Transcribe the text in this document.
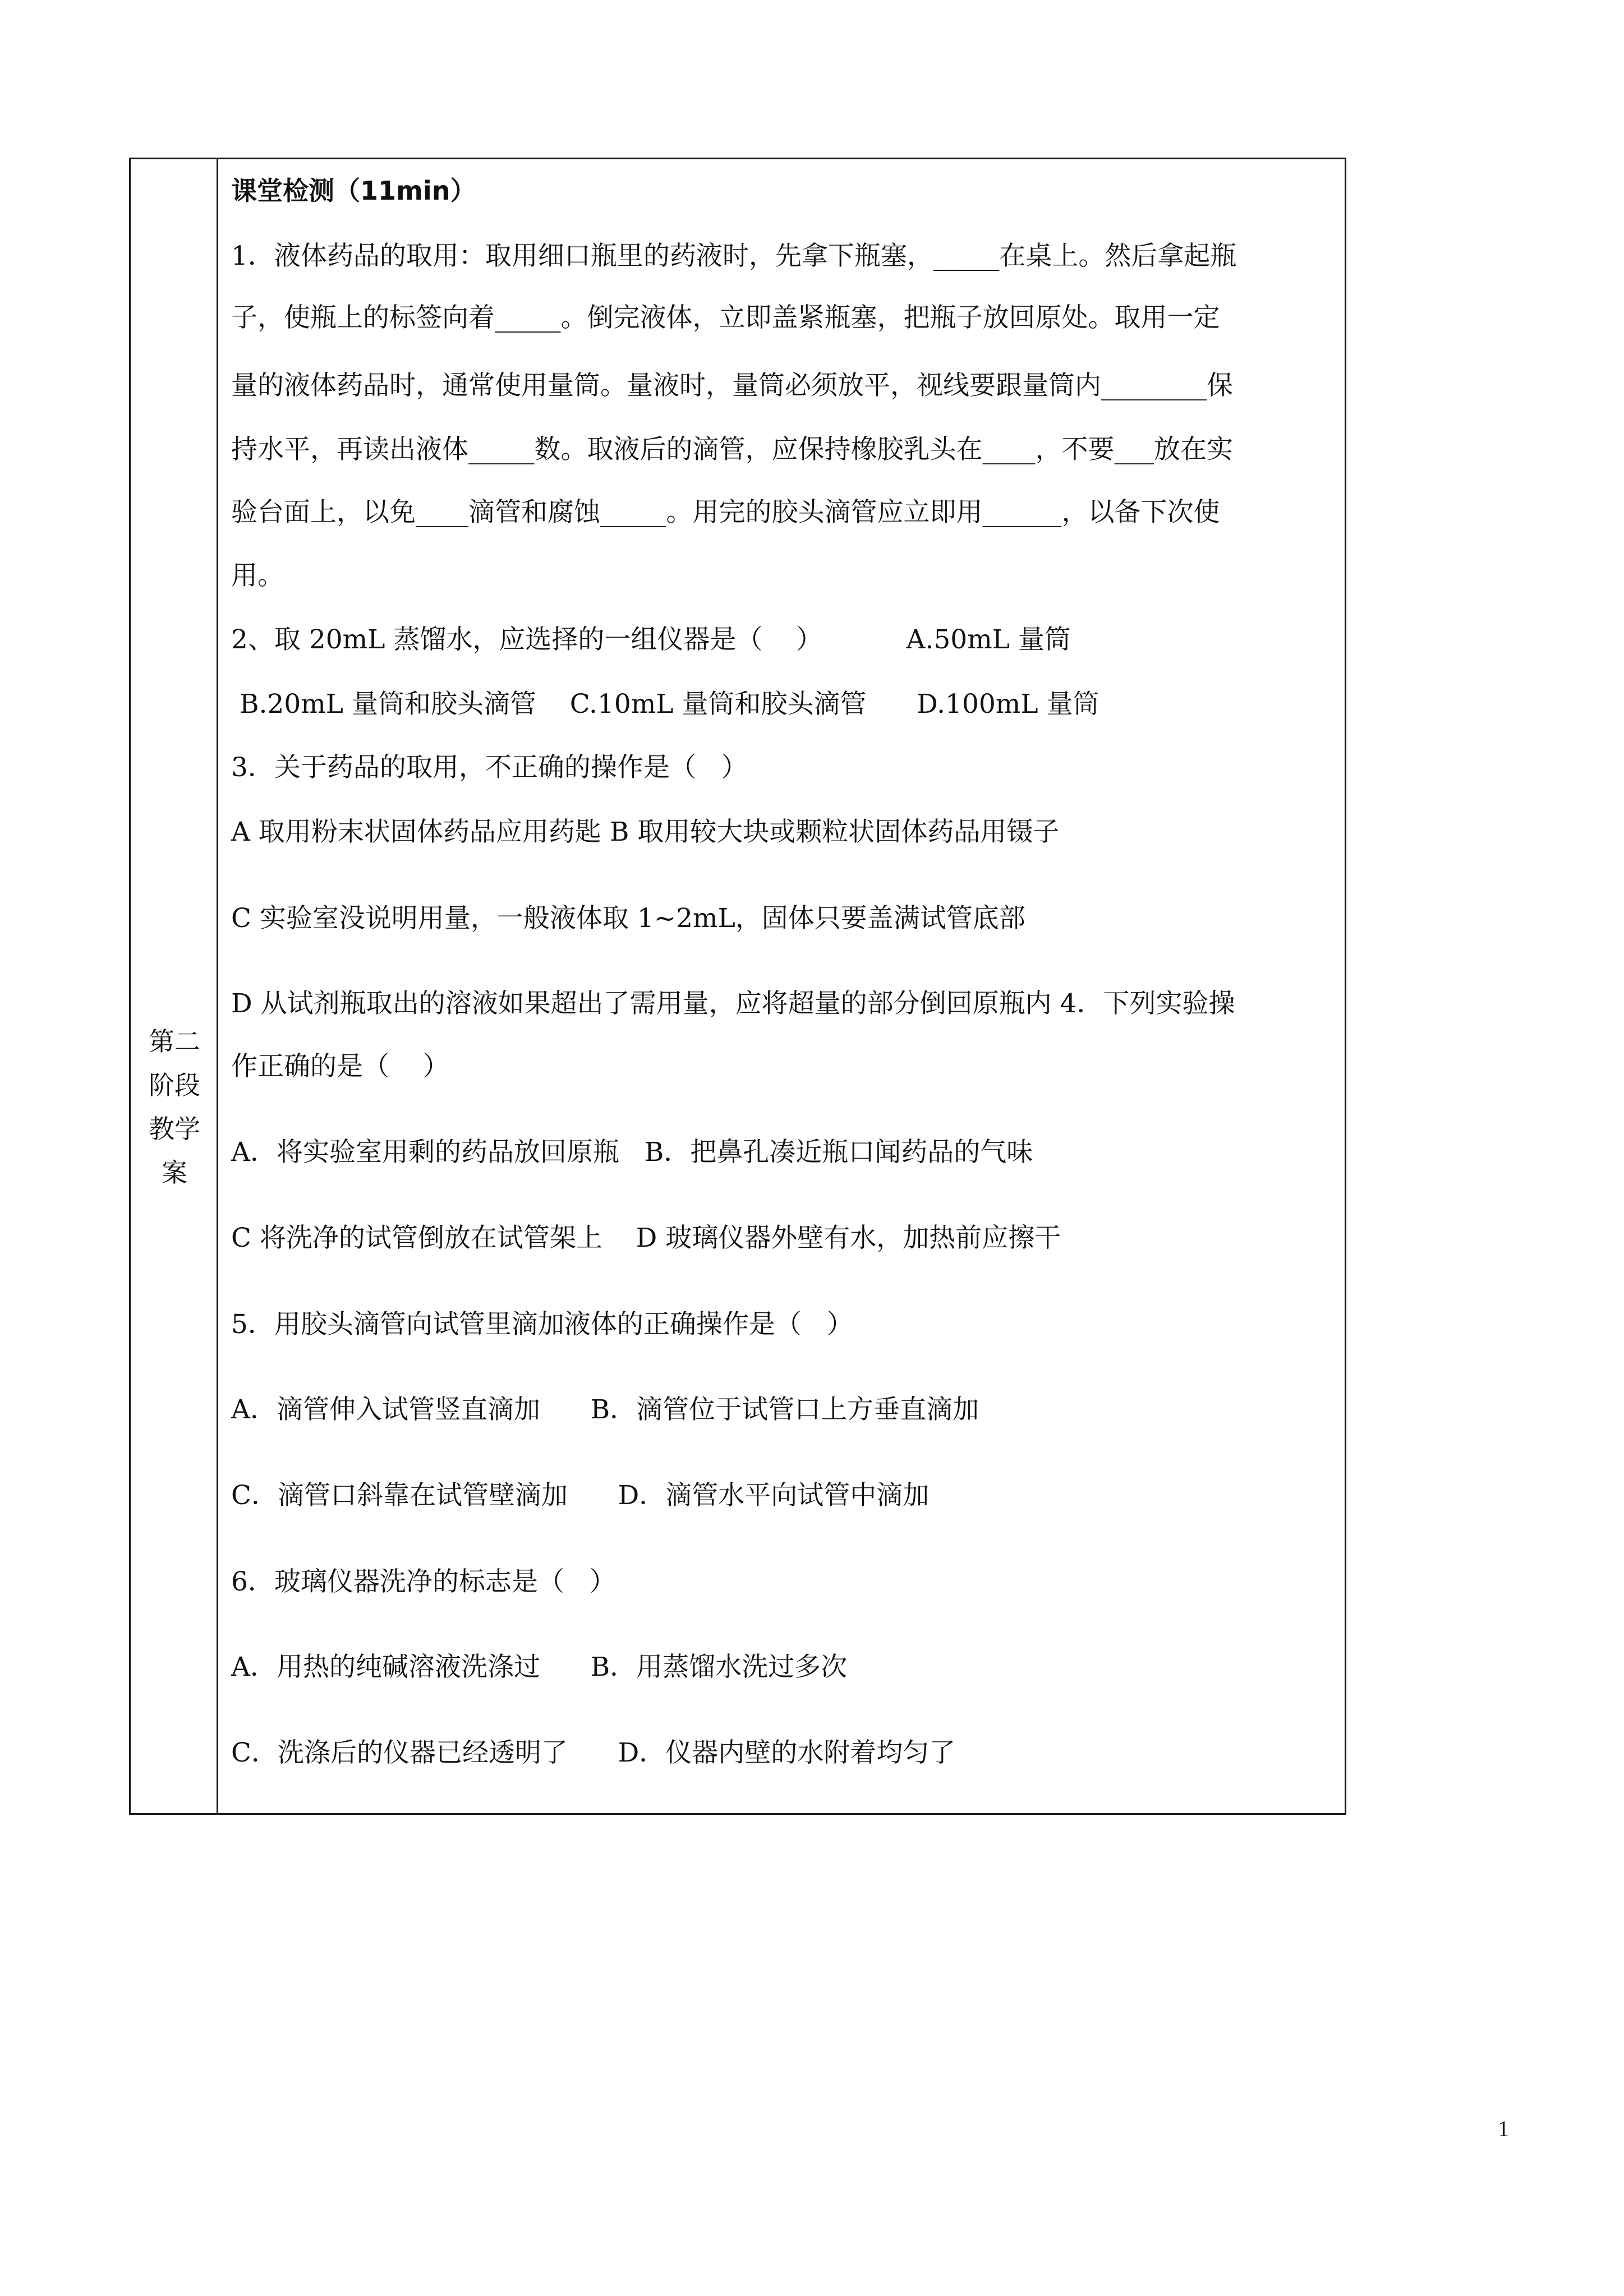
第二
阶段
教学
案
课堂检测（11min）
1．液体药品的取用：取用细口瓶里的药液时，先拿下瓶塞，_____在桌上。然后拿起瓶
子，使瓶上的标签向着_____。倒完液体，立即盖紧瓶塞，把瓶子放回原处。取用一定
量的液体药品时，通常使用量筒。量液时，量筒必须放平，视线要跟量筒内________保
持水平，再读出液体_____数。取液后的滴管，应保持橡胶乳头在____，不要___放在实
验台面上，以免____滴管和腐蚀_____。用完的胶头滴管应立即用______，以备下次使
用。
2、取 20mL 蒸馏水，应选择的一组仪器是（    ）          A.50mL 量筒
B.20mL 量筒和胶头滴管    C.10mL 量筒和胶头滴管      D.100mL 量筒
3．关于药品的取用，不正确的操作是（   ）
A 取用粉末状固体药品应用药匙 B 取用较大块或颗粒状固体药品用镊子
C 实验室没说明用量，一般液体取 1~2mL，固体只要盖满试管底部
D 从试剂瓶取出的溶液如果超出了需用量，应将超量的部分倒回原瓶内 4．下列实验操
作正确的是（    ）
A．将实验室用剩的药品放回原瓶   B．把鼻孔凑近瓶口闻药品的气味
C 将洗净的试管倒放在试管架上    D 玻璃仪器外壁有水，加热前应擦干
5．用胶头滴管向试管里滴加液体的正确操作是（   ）
A．滴管伸入试管竖直滴加      B．滴管位于试管口上方垂直滴加
C．滴管口斜靠在试管壁滴加      D．滴管水平向试管中滴加
6．玻璃仪器洗净的标志是（   ）
A．用热的纯碱溶液洗涤过      B．用蒸馏水洗过多次
C．洗涤后的仪器已经透明了      D．仪器内壁的水附着均匀了
1
